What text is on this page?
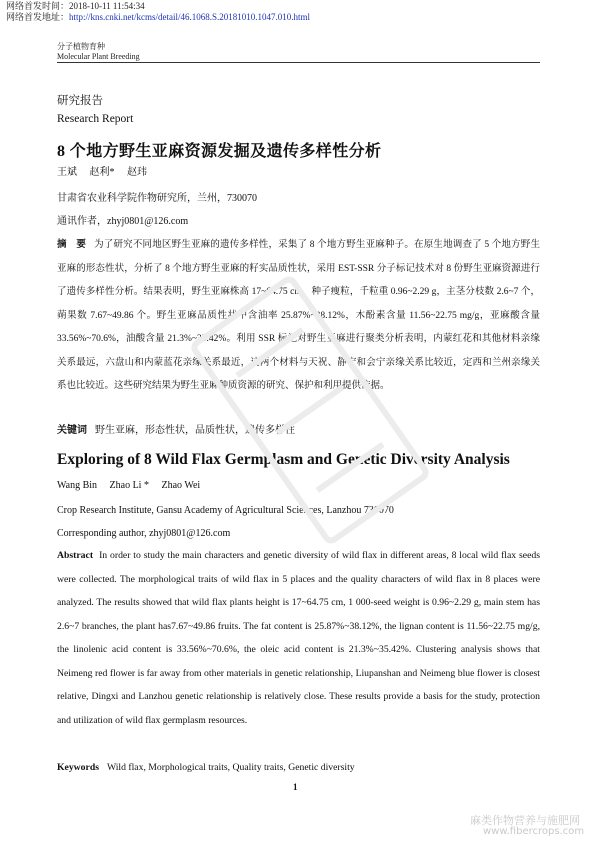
网络首发时间：2018-10-11 11:54:34
网络首发地址：http://kns.cnki.net/kcms/detail/46.1068.S.20181010.1047.010.html
分子植物育种
Molecular Plant Breeding
研究报告
Research Report
8 个地方野生亚麻资源发掘及遗传多样性分析
王斌　 赵利* 　赵玮
甘肃省农业科学院作物研究所，兰州，730070
通讯作者，zhyj0801@126.com
摘　要 为了研究不同地区野生亚麻的遗传多样性，采集了 8 个地方野生亚麻种子。在原生地调查了 5 个地方野生亚麻的形态性状，分析了 8 个地方野生亚麻的籽实品质性状，采用 EST-SSR 分子标记技术对 8 份野生亚麻资源进行了遗传多样性分析。结果表明，野生亚麻株高 17~64.75 cm，种子瘦粒，千粒重 0.96~2.29 g，主茎分枝数 2.6~7 个，蒴果数 7.67~49.86 个。野生亚麻品质性状中含油率 25.87%~38.12%，木酚素含量 11.56~22.75 mg/g，亚麻酸含量 33.56%~70.6%，油酸含量 21.3%~35.42%。利用 SSR 标记对野生亚麻进行聚类分析表明，内蒙红花和其他材料亲缘关系最远，六盘山和内蒙蓝花亲缘关系最近，这两个材料与天祝、静宁和会宁亲缘关系比较近，定西和兰州亲缘关系也比较近。这些研究结果为野生亚麻种质资源的研究、保护和利用提供依据。
关键词 野生亚麻，形态性状，品质性状，遗传多样性
Exploring of 8 Wild Flax Germplasm and Genetic Diversity Analysis
Wang Bin　 Zhao Li *　 Zhao Wei
Crop Research Institute, Gansu Academy of Agricultural Sciences, Lanzhou 730070
Corresponding author, zhyj0801@126.com
Abstract In order to study the main characters and genetic diversity of wild flax in different areas, 8 local wild flax seeds were collected. The morphological traits of wild flax in 5 places and the quality characters of wild flax in 8 places were analyzed. The results showed that wild flax plants height is 17~64.75 cm, 1 000-seed weight is 0.96~2.29 g, main stem has 2.6~7 branches, the plant has7.67~49.86 fruits. The fat content is 25.87%~38.12%, the lignan content is 11.56~22.75 mg/g, the linolenic acid content is 33.56%~70.6%, the oleic acid content is 21.3%~35.42%. Clustering analysis shows that Neimeng red flower is far away from other materials in genetic relationship, Liupanshan and Neimeng blue flower is closest relative, Dingxi and Lanzhou genetic relationship is relatively close. These results provide a basis for the study, protection and utilization of wild flax germplasm resources.
Keywords Wild flax, Morphological traits, Quality traits, Genetic diversity
1
麻类作物营养与施肥网
www.fibercrops.com
